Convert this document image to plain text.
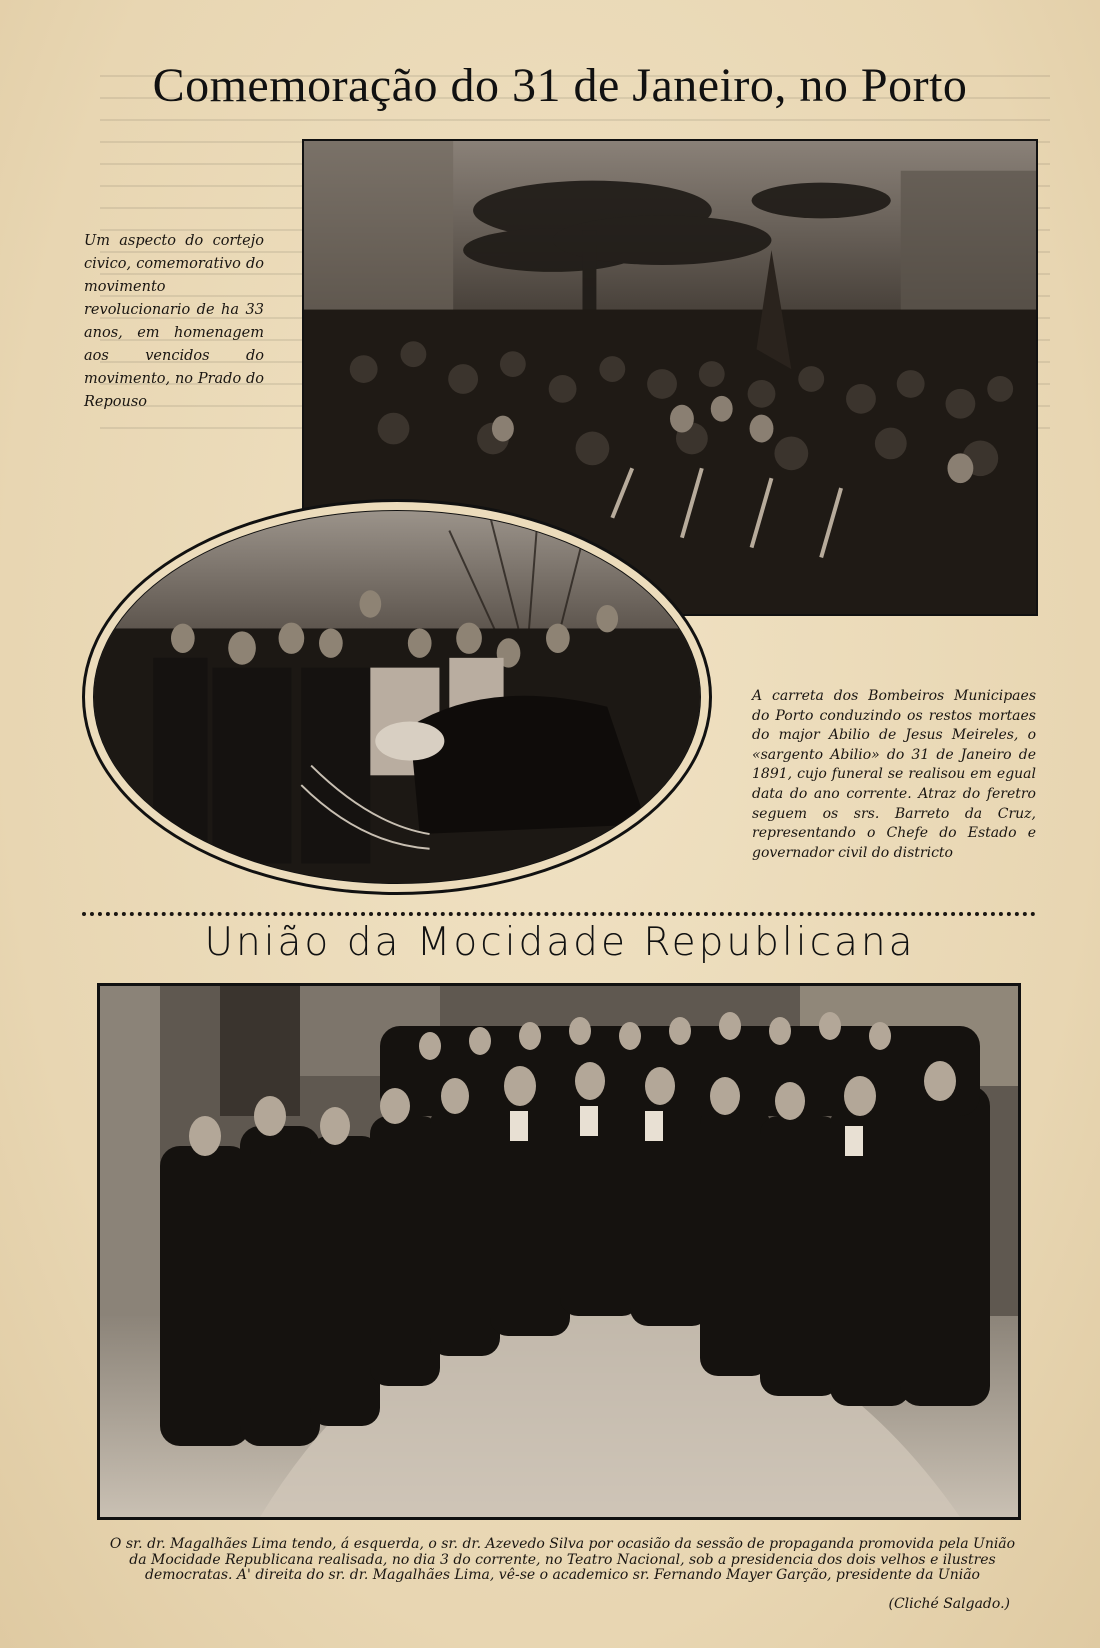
Comemoração do 31 de Janeiro, no Porto
Um aspecto do cortejo civico, comemorativo do movimento revolucionario de ha 33 anos, em homenagem aos vencidos do movimento, no Prado do Repouso
A carreta dos Bombeiros Municipaes do Porto conduzindo os restos mortaes do major Abilio de Jesus Meireles, o «sargento Abilio» do 31 de Janeiro de 1891, cujo funeral se realisou em egual data do ano corrente. Atraz do feretro seguem os srs. Barreto da Cruz, representando o Chefe do Estado e governador civil do districto
União da Mocidade Republicana
O sr. dr. Magalhães Lima tendo, á esquerda, o sr. dr. Azevedo Silva por ocasião da sessão de propaganda promovida pela União da Mocidade Republicana realisada, no dia 3 do corrente, no Teatro Nacional, sob a presidencia dos dois velhos e ilustres democratas. A' direita do sr. dr. Magalhães Lima, vê-se o academico sr. Fernando Mayer Garção, presidente da União
(Cliché Salgado.)
